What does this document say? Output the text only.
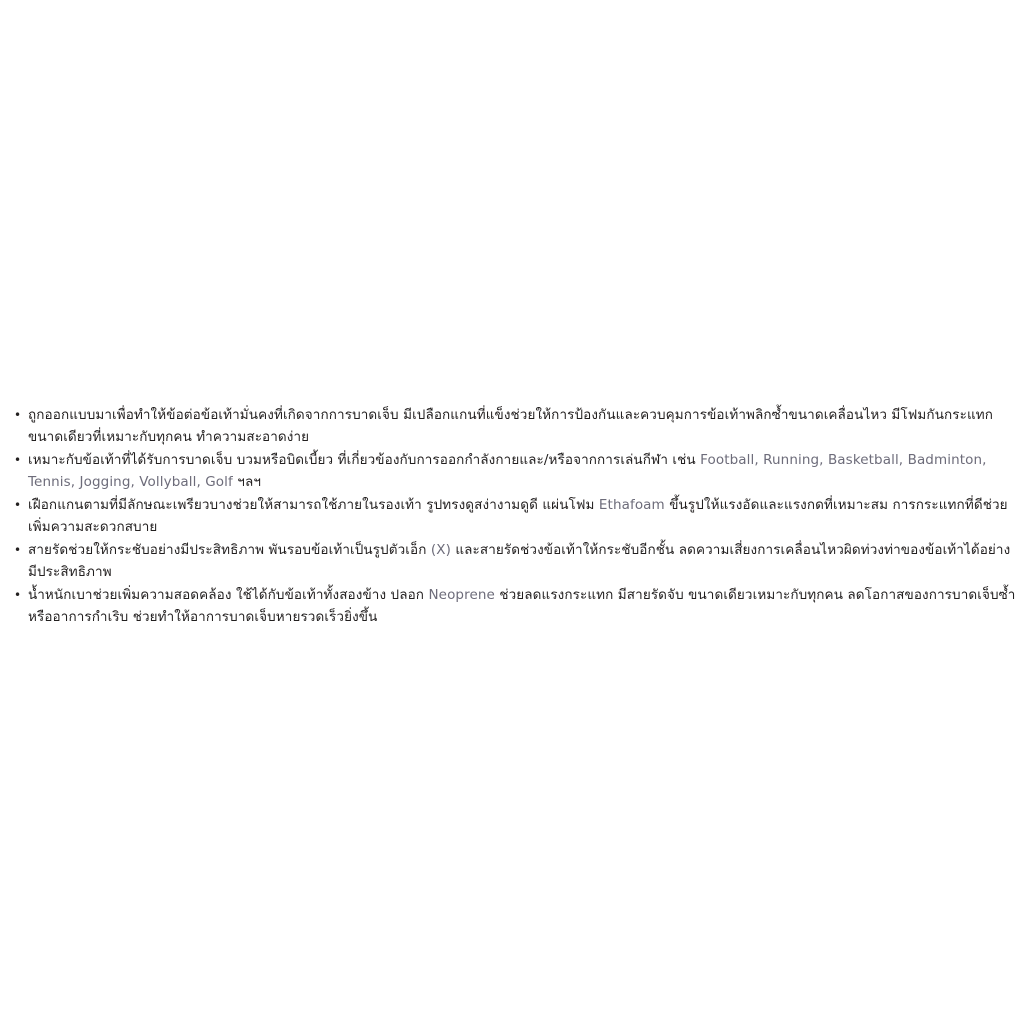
• ถูกออกแบบมาเพื่อทำให้ข้อต่อข้อเท้ามั่นคงที่เกิดจากการบาดเจ็บ มีเปลือกแกนที่แข็งช่วยให้การป้องกันและควบคุมการข้อเท้าพลิกซ้ำขนาดเคลื่อนไหว มีโฟมกันกระแทกขนาดเดียวที่เหมาะกับทุกคน ทำความสะอาดง่าย
• เหมาะกับข้อเท้าที่ได้รับการบาดเจ็บ บวมหรือบิดเบี้ยว ที่เกี่ยวข้องกับการออกกำลังกายและ/หรือจากการเล่นกีฬา เช่น Football, Running, Basketball, Badminton, Tennis, Jogging, Vollyball, Golf ฯลฯ
• เฝือกแกนตามที่มีลักษณะเพรียวบางช่วยให้สามารถใช้ภายในรองเท้า รูปทรงดูสง่างามดูดี แผ่นโฟม Ethafoam ขึ้นรูปให้แรงอัดและแรงกดที่เหมาะสม การกระแทกที่ดีช่วยเพิ่มความสะดวกสบาย
• สายรัดช่วยให้กระชับอย่างมีประสิทธิภาพ พันรอบข้อเท้าเป็นรูปตัวเอ็ก (X) และสายรัดช่วงข้อเท้าให้กระชับอีกชั้น ลดความเสี่ยงการเคลื่อนไหวผิดท่วงท่าของข้อเท้าได้อย่างมีประสิทธิภาพ
• น้ำหนักเบาช่วยเพิ่มความสอดคล้อง ใช้ได้กับข้อเท้าทั้งสองข้าง ปลอก Neoprene ช่วยลดแรงกระแทก มีสายรัดจับ ขนาดเดียวเหมาะกับทุกคน ลดโอกาสของการบาดเจ็บซ้ำหรืออาการกำเริบ ช่วยทำให้อาการบาดเจ็บหายรวดเร็วยิ่งขึ้น
